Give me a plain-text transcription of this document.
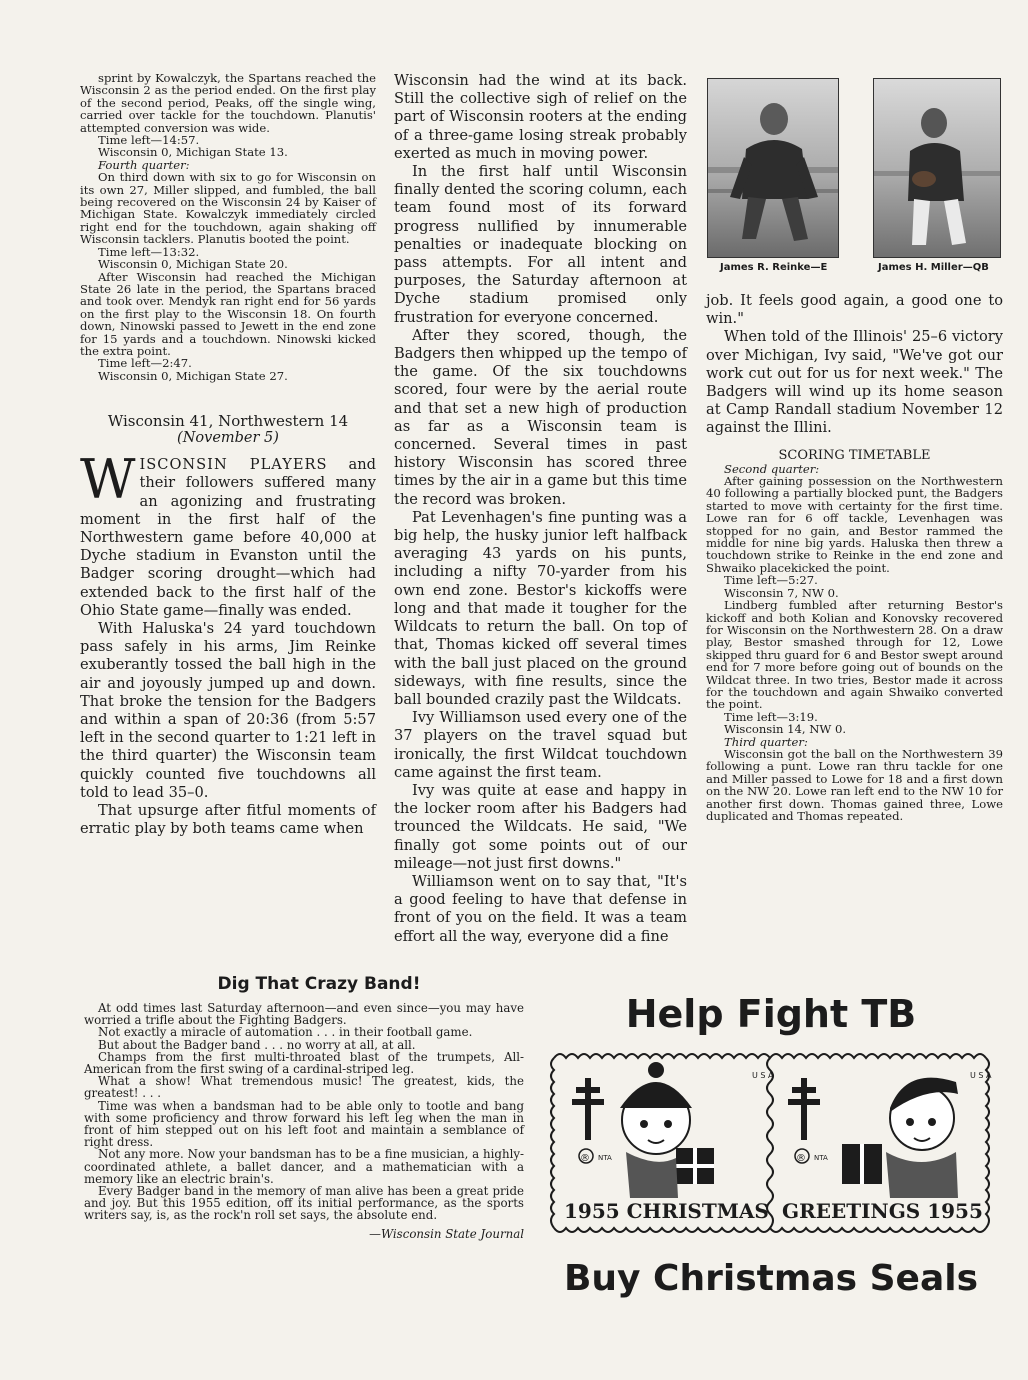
sprint by Kowalczyk, the Spartans reached the Wisconsin 2 as the period ended. On the first play of the second period, Peaks, off the single wing, carried over tackle for the touchdown. Planutis' attempted conversion was wide.

Time left—14:57.

Wisconsin 0, Michigan State 13.

Fourth quarter:

On third down with six to go for Wisconsin on its own 27, Miller slipped, and fumbled, the ball being recovered on the Wisconsin 24 by Kaiser of Michigan State. Kowalczyk immediately circled right end for the touchdown, again shaking off Wisconsin tacklers. Planutis booted the point.

Time left—13:32.

Wisconsin 0, Michigan State 20.

After Wisconsin had reached the Michigan State 26 late in the period, the Spartans braced and took over. Mendyk ran right end for 56 yards on the first play to the Wisconsin 18. On fourth down, Ninowski passed to Jewett in the end zone for 15 yards and a touchdown. Ninowski kicked the extra point.

Time left—2:47.

Wisconsin 0, Michigan State 27.

Wisconsin 41, Northwestern 14

(November 5)

WISCONSIN PLAYERS and their followers suffered many an agonizing and frustrating moment in the first half of the Northwestern game before 40,000 at Dyche stadium in Evanston until the Badger scoring drought—which had extended back to the first half of the Ohio State game—finally was ended.

With Haluska's 24 yard touchdown pass safely in his arms, Jim Reinke exuberantly tossed the ball high in the air and joyously jumped up and down. That broke the tension for the Badgers and within a span of 20:36 (from 5:57 left in the second quarter to 1:21 left in the third quarter) the Wisconsin team quickly counted five touchdowns all told to lead 35–0.

That upsurge after fitful moments of erratic play by both teams came when

Wisconsin had the wind at its back. Still the collective sigh of relief on the part of Wisconsin rooters at the ending of a three-game losing streak probably exerted as much in moving power.

In the first half until Wisconsin finally dented the scoring column, each team found most of its forward progress nullified by innumerable penalties or inadequate blocking on pass attempts. For all intent and purposes, the Saturday afternoon at Dyche stadium promised only frustration for everyone concerned.

After they scored, though, the Badgers then whipped up the tempo of the game. Of the six touchdowns scored, four were by the aerial route and that set a new high of production as far as a Wisconsin team is concerned. Several times in past history Wisconsin has scored three times by the air in a game but this time the record was broken.

Pat Levenhagen's fine punting was a big help, the husky junior left halfback averaging 43 yards on his punts, including a nifty 70-yarder from his own end zone. Bestor's kickoffs were long and that made it tougher for the Wildcats to return the ball. On top of that, Thomas kicked off several times with the ball just placed on the ground sideways, with fine results, since the ball bounded crazily past the Wildcats.

Ivy Williamson used every one of the 37 players on the travel squad but ironically, the first Wildcat touchdown came against the first team.

Ivy was quite at ease and happy in the locker room after his Badgers had trounced the Wildcats. He said, "We finally got some points out of our mileage—not just first downs."

Williamson went on to say that, "It's a good feeling to have that defense in front of you on the field. It was a team effort all the way, everyone did a fine

James R. Reinke—E	James H. Miller—QB

job. It feels good again, a good one to win."

When told of the Illinois' 25–6 victory over Michigan, Ivy said, "We've got our work cut out for us for next week." The Badgers will wind up its home season at Camp Randall stadium November 12 against the Illini.

SCORING TIMETABLE

Second quarter:

After gaining possession on the Northwestern 40 following a partially blocked punt, the Badgers started to move with certainty for the first time. Lowe ran for 6 off tackle, Levenhagen was stopped for no gain, and Bestor rammed the middle for nine big yards. Haluska then threw a touchdown strike to Reinke in the end zone and Shwaiko placekicked the point.

Time left—5:27.

Wisconsin 7, NW 0.

Lindberg fumbled after returning Bestor's kickoff and both Kolian and Konovsky recovered for Wisconsin on the Northwestern 28. On a draw play, Bestor smashed through for 12, Lowe skipped thru guard for 6 and Bestor swept around end for 7 more before going out of bounds on the Wildcat three. In two tries, Bestor made it across for the touchdown and again Shwaiko converted the point.

Time left—3:19.

Wisconsin 14, NW 0.

Third quarter:

Wisconsin got the ball on the Northwestern 39 following a punt. Lowe ran thru tackle for one and Miller passed to Lowe for 18 and a first down on the NW 20. Lowe ran left end to the NW 10 for another first down. Thomas gained three, Lowe duplicated and Thomas repeated.

Dig That Crazy Band!

At odd times last Saturday afternoon—and even since—you may have worried a trifle about the Fighting Badgers.

Not exactly a miracle of automation . . . in their football game.

But about the Badger band . . . no worry at all, at all.

Champs from the first multi-throated blast of the trumpets, All-American from the first swing of a cardinal-striped leg.

What a show! What tremendous music! The greatest, kids, the greatest! . . .

Time was when a bandsman had to be able only to tootle and bang with some proficiency and throw forward his left leg when the man in front of him stepped out on his left foot and maintain a semblance of right dress.

Not any more. Now your bandsman has to be a fine musician, a highly-coordinated athlete, a ballet dancer, and a mathematician with a memory like an electric brain's.

Every Badger band in the memory of man alive has been a great pride and joy. But this 1955 edition, off its initial performance, as the sports writers say, is, as the rock'n roll set says, the absolute end.

—Wisconsin State Journal

Help Fight TB
® NTA
U S A
1955 CHRISTMAS
® NTA
U S A
GREETINGS 1955
Buy Christmas Seals
